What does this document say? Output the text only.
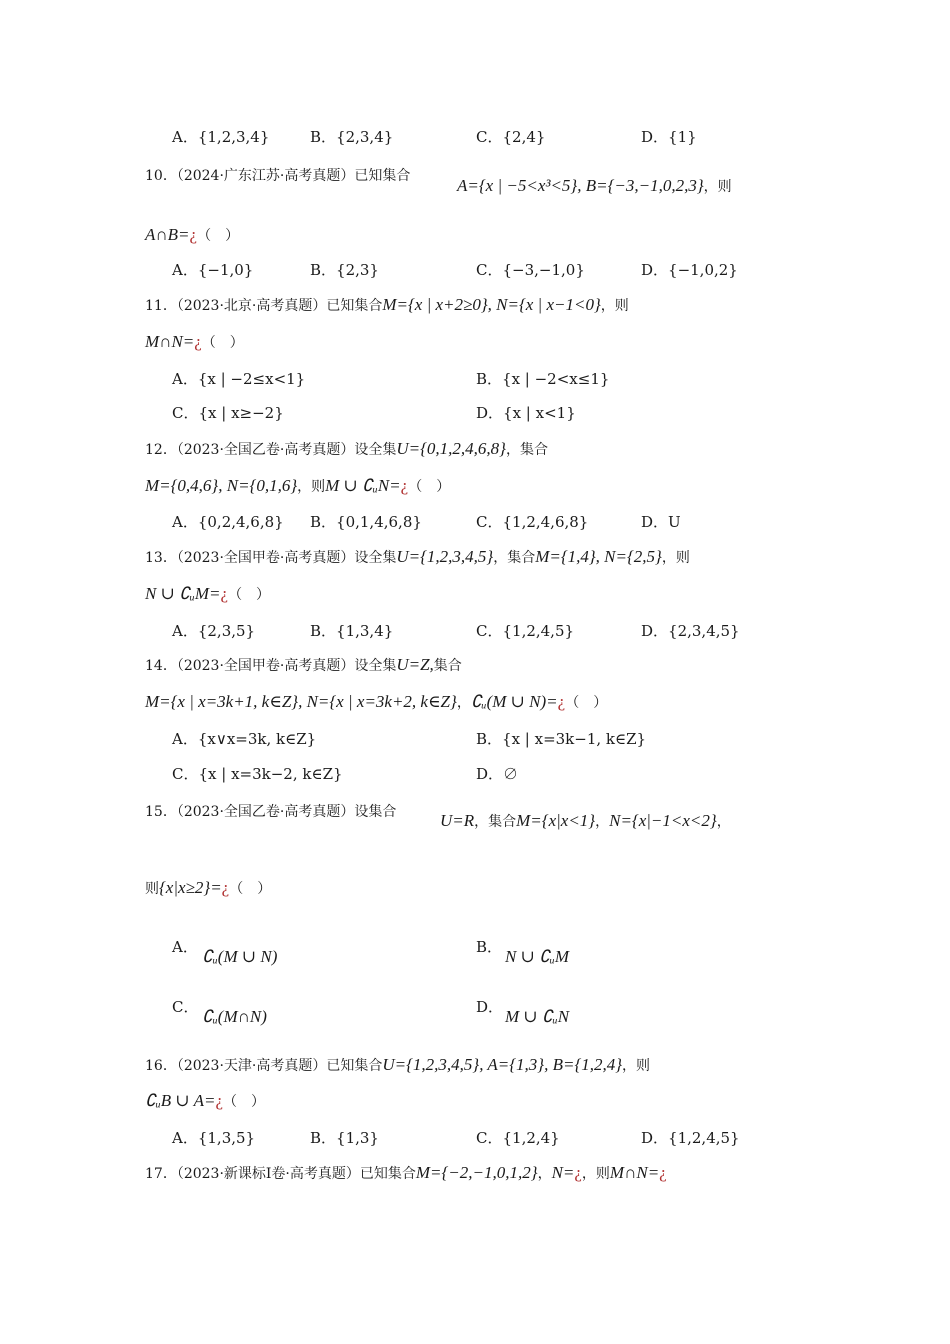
A．{1,2,3,4}	B．{2,3,4}	C．{2,4}	D．{1}
10．（2024·广东江苏·高考真题）已知集合	A={x | −5<x³<5}, B={−3,−1,0,2,3}，则
A∩B=¿（　）
A．{−1,0}	B．{2,3}	C．{−3,−1,0}	D．{−1,0,2}
11．（2023·北京·高考真题）已知集合M={x | x+2≥0}, N={x | x−1<0}，则
M∩N=¿（　）
A．{x | −2≤x<1}	B．{x | −2<x≤1}
C．{x | x≥−2}	D．{x | x<1}
12．（2023·全国乙卷·高考真题）设全集U={0,1,2,4,6,8}，集合
M={0,4,6}, N={0,1,6}，则M ∪ ∁ᵤN=¿（　）
A．{0,2,4,6,8} B．{0,1,4,6,8}	C．{1,2,4,6,8}	D．U
13．（2023·全国甲卷·高考真题）设全集U={1,2,3,4,5}，集合M={1,4}, N={2,5}，则
N ∪ ∁ᵤM=¿（　）
A．{2,3,5}	B．{1,3,4}	C．{1,2,4,5}	D．{2,3,4,5}
14．（2023·全国甲卷·高考真题）设全集U=Z,集合
M={x | x=3k+1, k∈Z}, N={x | x=3k+2, k∈Z}，∁ᵤ(M ∪ N)=¿（　）
A．{x∨x=3k, k∈Z}	B．{x | x=3k−1, k∈Z}
C．{x | x=3k−2, k∈Z}	D．∅
15．（2023·全国乙卷·高考真题）设集合	U=R，集合M={x|x<1}，N={x|−1<x<2}，
则{x|x≥2}=¿（　）
A． ∁ᵤ(M ∪ N)	B． N ∪ ∁ᵤM
C． ∁ᵤ(M∩N)	D． M ∪ ∁ᵤN
16．（2023·天津·高考真题）已知集合U={1,2,3,4,5}, A={1,3}, B={1,2,4}，则
∁ᵤB ∪ A=¿（　）
A．{1,3,5}	B．{1,3}	C．{1,2,4}	D．{1,2,4,5}
17．（2023·新课标Ⅰ卷·高考真题）已知集合M={−2,−1,0,1,2}，N=¿，则M∩N=¿
